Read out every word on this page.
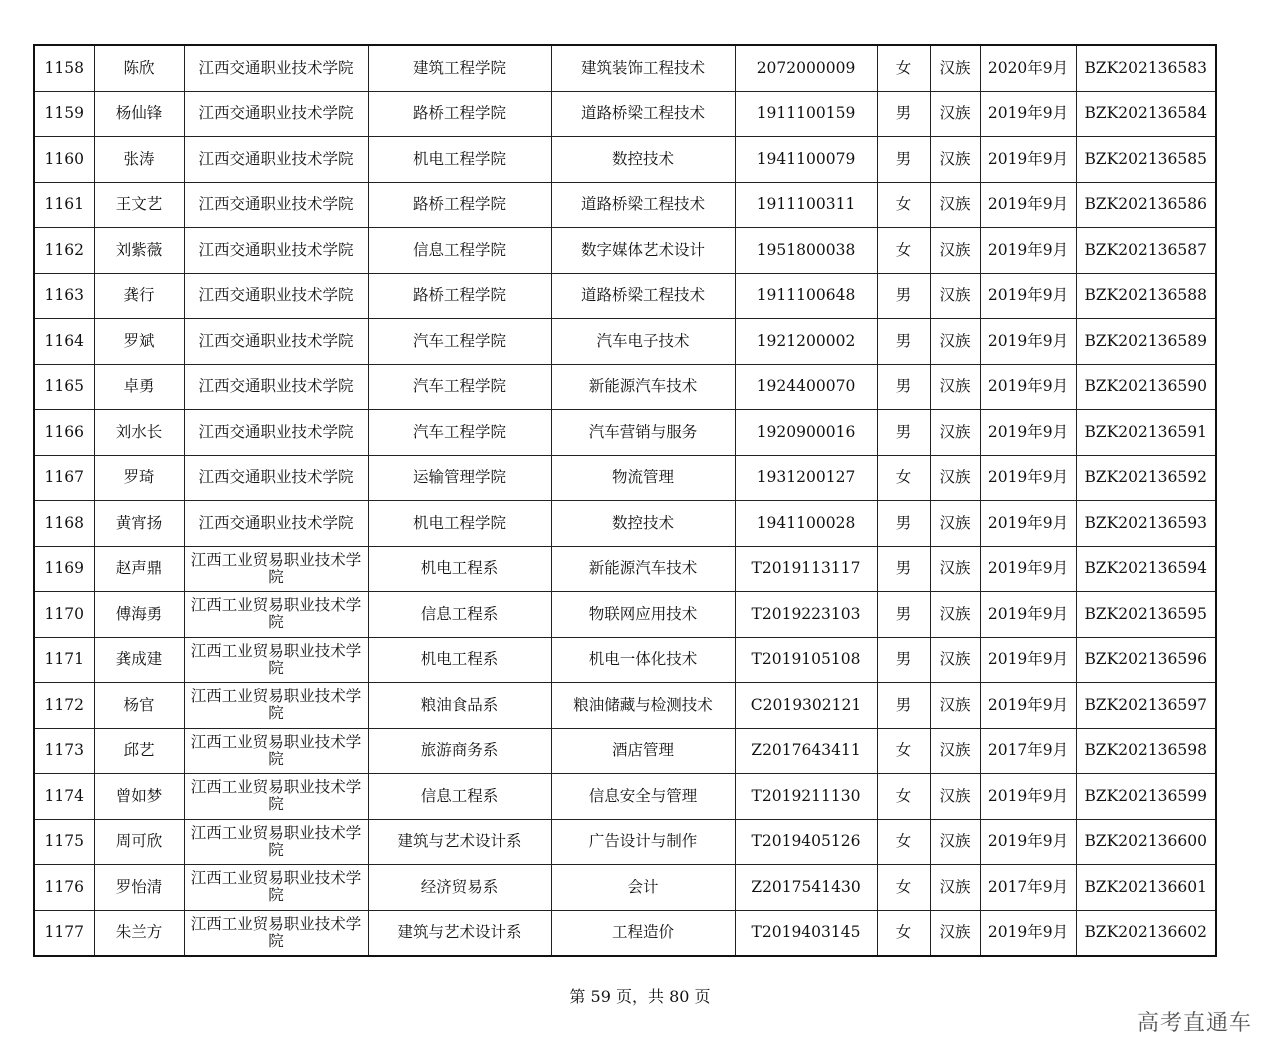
1158	陈欣	江西交通职业技术学院	建筑工程学院	建筑装饰工程技术	2072000009	女	汉族	2020年9月	BZK202136583
1159	杨仙锋	江西交通职业技术学院	路桥工程学院	道路桥梁工程技术	1911100159	男	汉族	2019年9月	BZK202136584
1160	张涛	江西交通职业技术学院	机电工程学院	数控技术	1941100079	男	汉族	2019年9月	BZK202136585
1161	王文艺	江西交通职业技术学院	路桥工程学院	道路桥梁工程技术	1911100311	女	汉族	2019年9月	BZK202136586
1162	刘紫薇	江西交通职业技术学院	信息工程学院	数字媒体艺术设计	1951800038	女	汉族	2019年9月	BZK202136587
1163	龚行	江西交通职业技术学院	路桥工程学院	道路桥梁工程技术	1911100648	男	汉族	2019年9月	BZK202136588
1164	罗斌	江西交通职业技术学院	汽车工程学院	汽车电子技术	1921200002	男	汉族	2019年9月	BZK202136589
1165	卓勇	江西交通职业技术学院	汽车工程学院	新能源汽车技术	1924400070	男	汉族	2019年9月	BZK202136590
1166	刘水长	江西交通职业技术学院	汽车工程学院	汽车营销与服务	1920900016	男	汉族	2019年9月	BZK202136591
1167	罗琦	江西交通职业技术学院	运输管理学院	物流管理	1931200127	女	汉族	2019年9月	BZK202136592
1168	黄宵扬	江西交通职业技术学院	机电工程学院	数控技术	1941100028	男	汉族	2019年9月	BZK202136593
1169	赵声鼎	江西工业贸易职业技术学院	机电工程系	新能源汽车技术	T2019113117	男	汉族	2019年9月	BZK202136594
1170	傅海勇	江西工业贸易职业技术学院	信息工程系	物联网应用技术	T2019223103	男	汉族	2019年9月	BZK202136595
1171	龚成建	江西工业贸易职业技术学院	机电工程系	机电一体化技术	T2019105108	男	汉族	2019年9月	BZK202136596
1172	杨官	江西工业贸易职业技术学院	粮油食品系	粮油储藏与检测技术	C2019302121	男	汉族	2019年9月	BZK202136597
1173	邱艺	江西工业贸易职业技术学院	旅游商务系	酒店管理	Z2017643411	女	汉族	2017年9月	BZK202136598
1174	曾如梦	江西工业贸易职业技术学院	信息工程系	信息安全与管理	T2019211130	女	汉族	2019年9月	BZK202136599
1175	周可欣	江西工业贸易职业技术学院	建筑与艺术设计系	广告设计与制作	T2019405126	女	汉族	2019年9月	BZK202136600
1176	罗怡清	江西工业贸易职业技术学院	经济贸易系	会计	Z2017541430	女	汉族	2017年9月	BZK202136601
1177	朱兰方	江西工业贸易职业技术学院	建筑与艺术设计系	工程造价	T2019403145	女	汉族	2019年9月	BZK202136602
第 59 页，共 80 页
高考直通车
